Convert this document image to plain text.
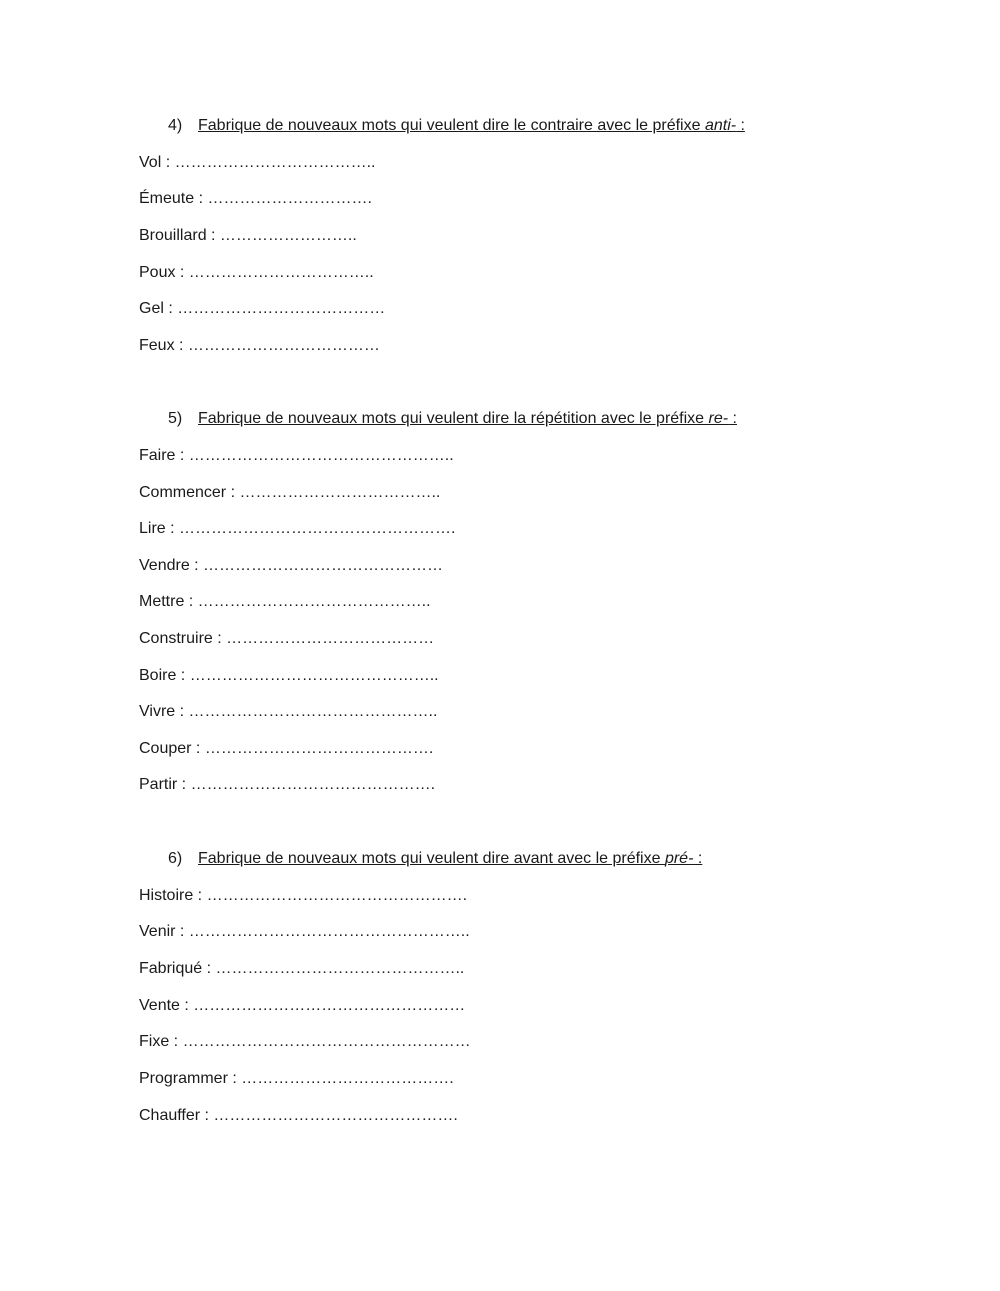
4) Fabrique de nouveaux mots qui veulent dire le contraire avec le préfixe anti- :
Vol : ………………………………..
Émeute : ………………………….
Brouillard : ……………………..
Poux : ……………………………..
Gel : …………………………………
Feux : ………………………………
5) Fabrique de nouveaux mots qui veulent dire la répétition avec le préfixe re- :
Faire : …………………………………………..
Commencer : ………………………………..
Lire : …………………………………………….
Vendre : ………………………………………
Mettre : ……………………………………..
Construire : …………………………………
Boire : ………………………………………..
Vivre : ………………………………………..
Couper : …………………………………….
Partir : ……………………………………….
6) Fabrique de nouveaux mots qui veulent dire avant avec le préfixe pré- :
Histoire : ………………………………………….
Venir : ……………………………………………..
Fabriqué : ………………………………………..
Vente : ……………………………………………
Fixe : ………………………………………………
Programmer : ………………………………….
Chauffer : ……………………………………….
